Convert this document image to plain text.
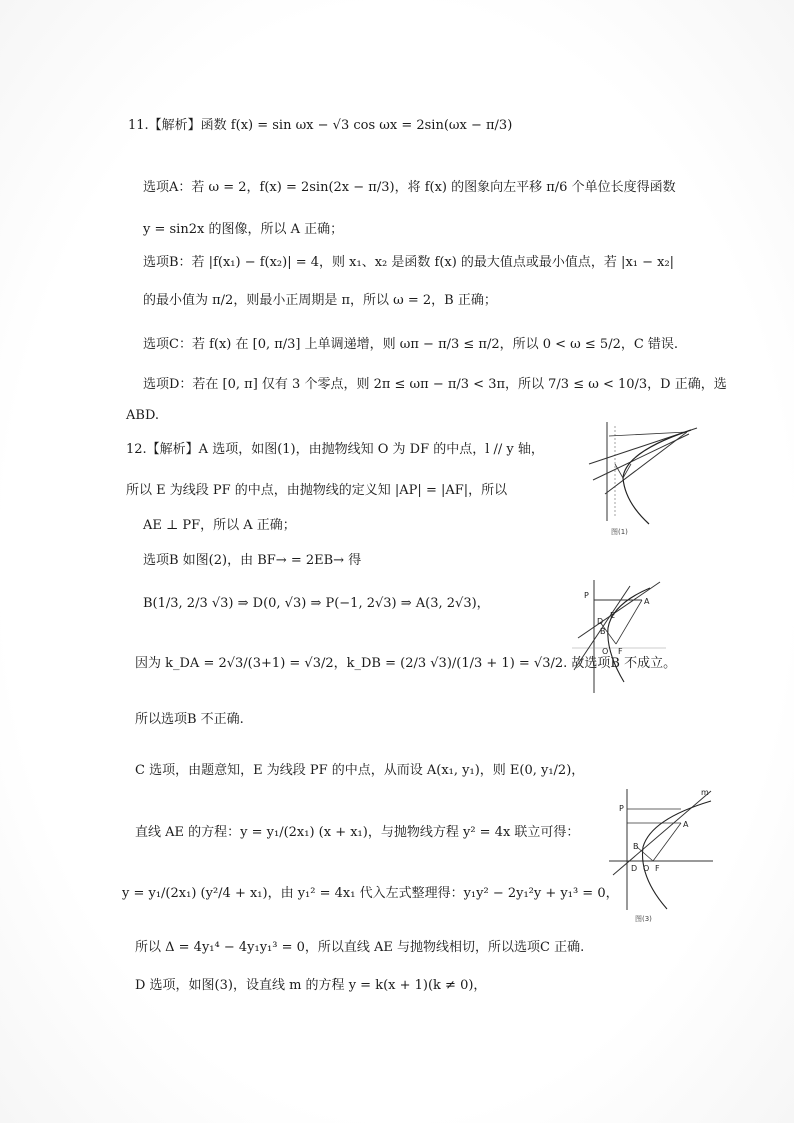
11.【解析】函数 f(x) = sin ωx − √3 cos ωx = 2sin(ωx − π/3)
选项A：若 ω = 2，f(x) = 2sin(2x − π/3)，将 f(x) 的图象向左平移 π/6 个单位长度得函数
y = sin2x 的图像，所以 A 正确；
选项B：若 |f(x₁) − f(x₂)| = 4，则 x₁、x₂ 是函数 f(x) 的最大值点或最小值点，若 |x₁ − x₂|
的最小值为 π/2，则最小正周期是 π，所以 ω = 2，B 正确；
选项C：若 f(x) 在 [0, π/3] 上单调递增，则 ωπ − π/3 ≤ π/2，所以 0 < ω ≤ 5/2，C 错误.
选项D：若在 [0, π] 仅有 3 个零点，则 2π ≤ ωπ − π/3 < 3π，所以 7/3 ≤ ω < 10/3，D 正确，选
ABD.
12.【解析】A 选项，如图(1)，由抛物线知 O 为 DF 的中点，l // y 轴，
所以 E 为线段 PF 的中点，由抛物线的定义知 |AP| = |AF|，所以
AE ⊥ PF，所以 A 正确；
选项B 如图(2)，由 BF→ = 2EB→ 得
B(1/3, 2/3 √3) ⇒ D(0, √3) ⇒ P(−1, 2√3) ⇒ A(3, 2√3)，
因为 k_DA = 2√3/(3+1) = √3/2，k_DB = (2/3 √3)/(1/3 + 1) = √3/2. 故选项B 不成立。
所以选项B 不正确.
C 选项，由题意知，E 为线段 PF 的中点，从而设 A(x₁, y₁)，则 E(0, y₁/2)，
直线 AE 的方程：y = y₁/(2x₁) (x + x₁)，与抛物线方程 y² = 4x 联立可得：
y = y₁/(2x₁) (y²/4 + x₁)，由 y₁² = 4x₁ 代入左式整理得：y₁y² − 2y₁²y + y₁³ = 0，
所以 Δ = 4y₁⁴ − 4y₁y₁³ = 0，所以直线 AE 与抛物线相切，所以选项C 正确.
D 选项，如图(3)，设直线 m 的方程 y = k(x + 1)(k ≠ 0)，
图(1)
P
A
D
B
E
O F
P
A
B
D O F
m
图(3)
